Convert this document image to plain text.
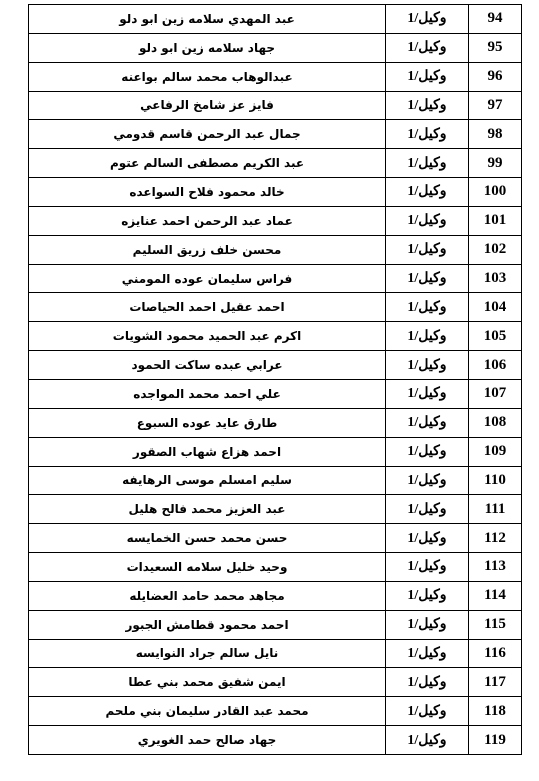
94	وكيل/1	عبد المهدي سلامه زين ابو دلو
95	وكيل/1	جهاد سلامه زين ابو دلو
96	وكيل/1	عبدالوهاب محمد سالم بواعنه
97	وكيل/1	فايز عز شامخ الرفاعي
98	وكيل/1	جمال عبد الرحمن قاسم قدومي
99	وكيل/1	عبد الكريم مصطفى السالم عتوم
100	وكيل/1	خالد محمود فلاح السواعده
101	وكيل/1	عماد عبد الرحمن احمد عنايزه
102	وكيل/1	محسن خلف زريق السليم
103	وكيل/1	فراس سليمان عوده المومني
104	وكيل/1	احمد عقيل احمد الحياصات
105	وكيل/1	اكرم عبد الحميد محمود الشويات
106	وكيل/1	عرابي عبده ساكت الحمود
107	وكيل/1	علي احمد محمد المواجده
108	وكيل/1	طارق عايد عوده السبوع
109	وكيل/1	احمد هزاع شهاب الصقور
110	وكيل/1	سليم امسلم موسى الرهايفه
111	وكيل/1	عبد العزيز محمد فالح هليل
112	وكيل/1	حسن محمد حسن الخمايسه
113	وكيل/1	وحيد خليل سلامه السعيدات
114	وكيل/1	مجاهد محمد حامد العضايله
115	وكيل/1	احمد محمود قطامش الجبور
116	وكيل/1	نايل سالم جراد النوايسه
117	وكيل/1	ايمن شفيق محمد بني عطا
118	وكيل/1	محمد عبد القادر سليمان بني ملحم
119	وكيل/1	جهاد صالح حمد الغويري
